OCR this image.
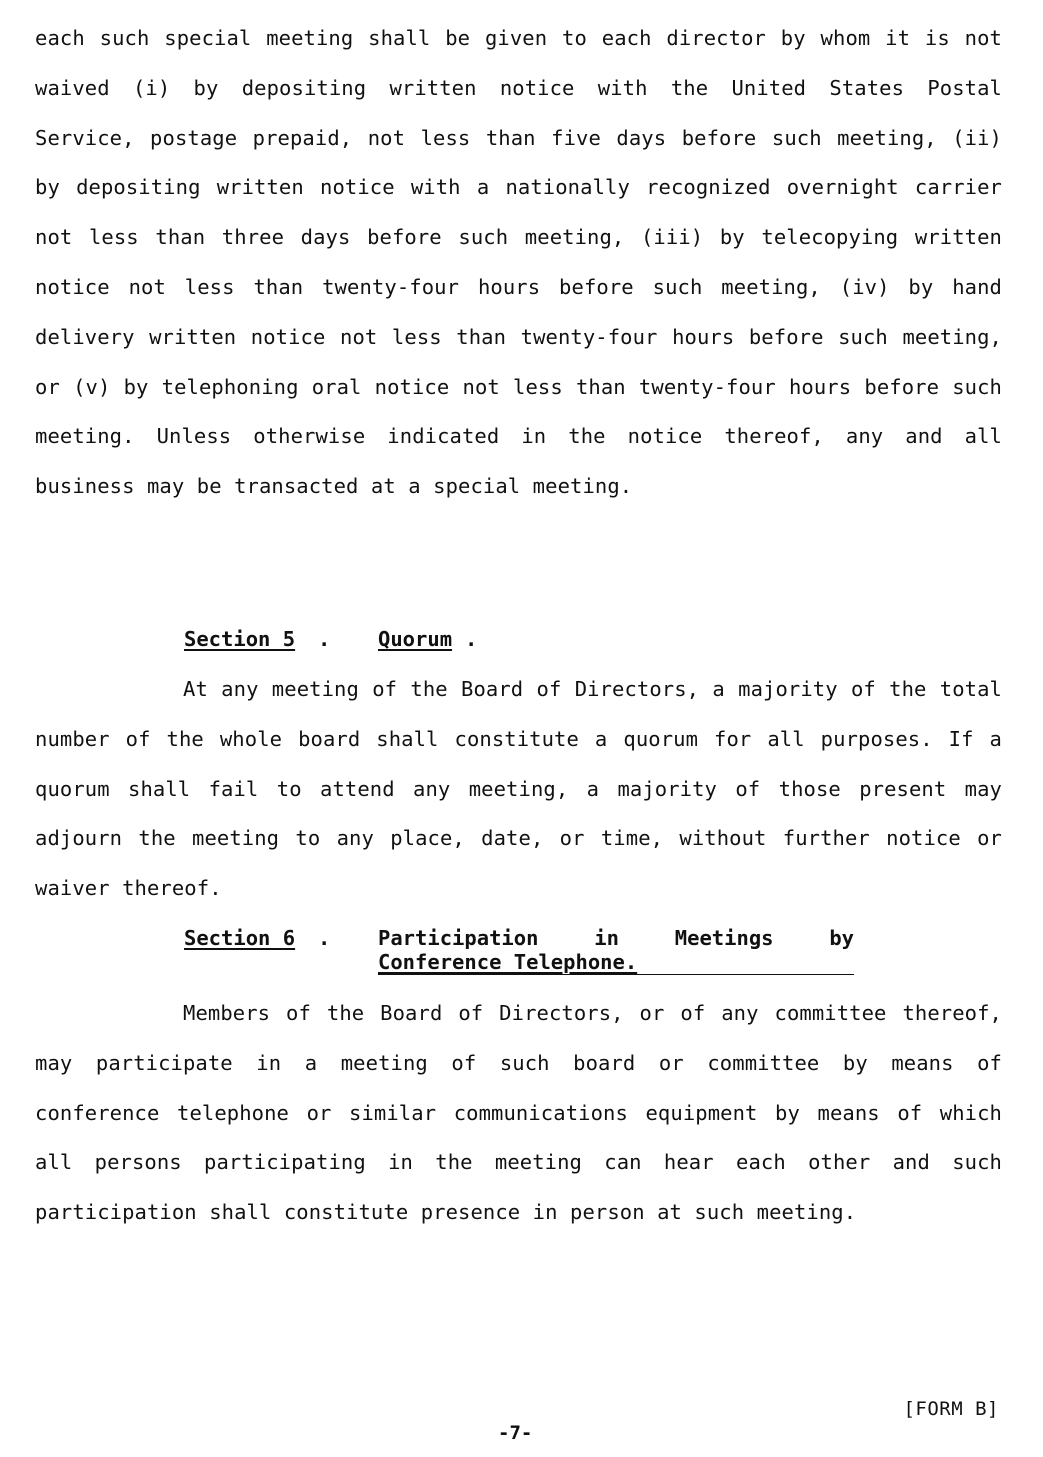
each such special meeting shall be given to each director by whom it is not waived (i) by depositing written notice with the United States Postal Service, postage prepaid, not less than five days before such meeting, (ii) by depositing written notice with a nationally recognized overnight carrier not less than three days before such meeting, (iii) by telecopying written notice not less than twenty-four hours before such meeting, (iv) by hand delivery written notice not less than twenty-four hours before such meeting, or (v) by telephoning oral notice not less than twenty-four hours before such meeting. Unless otherwise indicated in the notice thereof, any and all business may be transacted at a special meeting.

Section 5 . Quorum .

At any meeting of the Board of Directors, a majority of the total number of the whole board shall constitute a quorum for all purposes. If a quorum shall fail to attend any meeting, a majority of those present may adjourn the meeting to any place, date, or time, without further notice or waiver thereof.

Section 6 . Participation in Meetings by
Conference Telephone.

Members of the Board of Directors, or of any committee thereof, may participate in a meeting of such board or committee by means of conference telephone or similar communications equipment by means of which all persons participating in the meeting can hear each other and such participation shall constitute presence in person at such meeting.

[FORM B]
-7-
